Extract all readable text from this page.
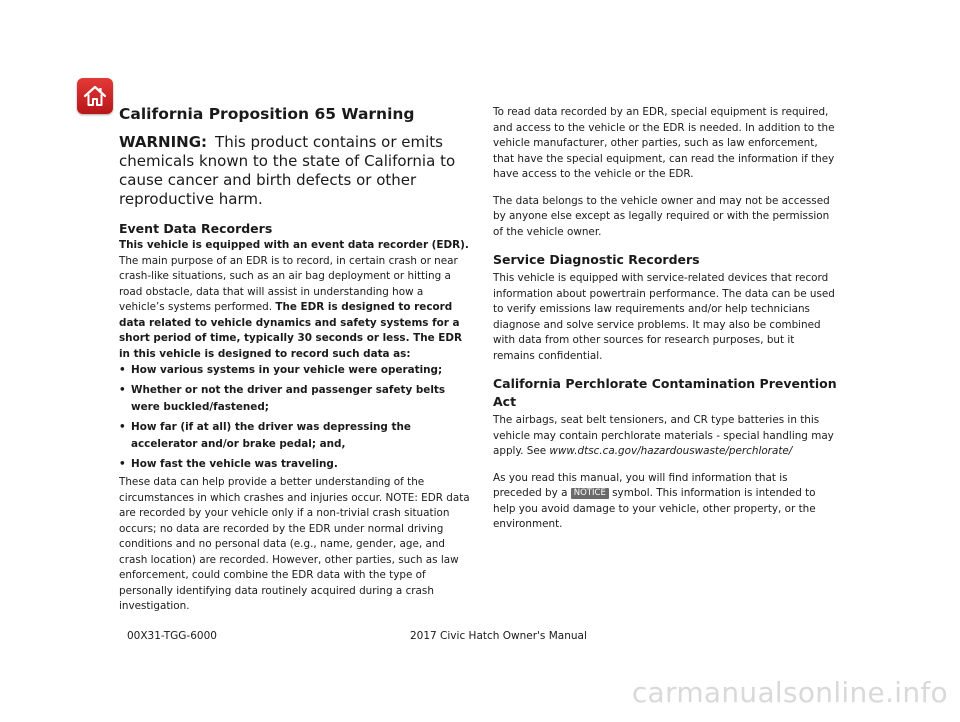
California Proposition 65 Warning
WARNING: This product contains or emits chemicals known to the state of California to cause cancer and birth defects or other reproductive harm.
Event Data Recorders

This vehicle is equipped with an event data recorder (EDR).

The main purpose of an EDR is to record, in certain crash or near crash-like situations, such as an air bag deployment or hitting a road obstacle, data that will assist in understanding how a vehicle’s systems performed. The EDR is designed to record data related to vehicle dynamics and safety systems for a short period of time, typically 30 seconds or less. The EDR in this vehicle is designed to record such data as:

• How various systems in your vehicle were operating;
• Whether or not the driver and passenger safety belts were buckled/fastened;
• How far (if at all) the driver was depressing the accelerator and/or brake pedal; and,
• How fast the vehicle was traveling.

These data can help provide a better understanding of the circumstances in which crashes and injuries occur. NOTE: EDR data are recorded by your vehicle only if a non-trivial crash situation occurs; no data are recorded by the EDR under normal driving conditions and no personal data (e.g., name, gender, age, and crash location) are recorded. However, other parties, such as law enforcement, could combine the EDR data with the type of personally identifying data routinely acquired during a crash investigation.

To read data recorded by an EDR, special equipment is required, and access to the vehicle or the EDR is needed. In addition to the vehicle manufacturer, other parties, such as law enforcement, that have the special equipment, can read the information if they have access to the vehicle or the EDR.

The data belongs to the vehicle owner and may not be accessed by anyone else except as legally required or with the permission of the vehicle owner.

Service Diagnostic Recorders

This vehicle is equipped with service-related devices that record information about powertrain performance. The data can be used to verify emissions law requirements and/or help technicians diagnose and solve service problems. It may also be combined with data from other sources for research purposes, but it remains confidential.

California Perchlorate Contamination Prevention Act

The airbags, seat belt tensioners, and CR type batteries in this vehicle may contain perchlorate materials - special handling may apply. See www.dtsc.ca.gov/hazardouswaste/perchlorate/

As you read this manual, you will find information that is preceded by a NOTICE symbol. This information is intended to help you avoid damage to your vehicle, other property, or the environment.

00X31-TGG-6000	2017 Civic Hatch Owner's Manual
carmanualsonline.info
